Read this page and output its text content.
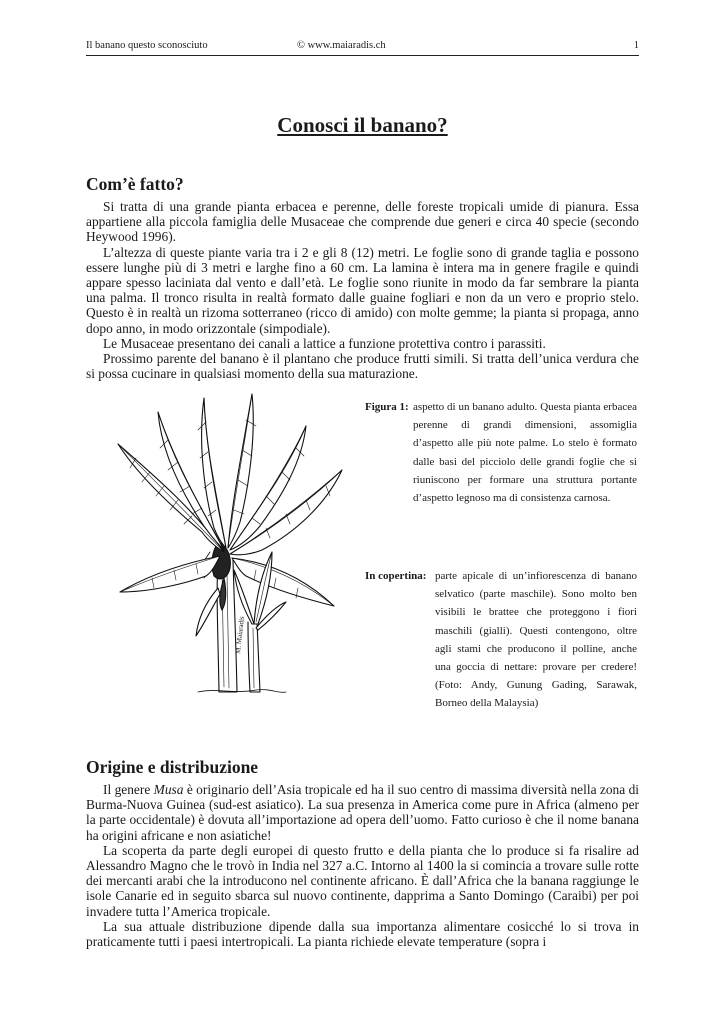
Il banano questo sconosciuto	© www.maiaradis.ch	1
Conosci il banano?
Com’è fatto?

Si tratta di una grande pianta erbacea e perenne, delle foreste tropicali umide di pianura. Essa appartiene alla piccola famiglia delle Musaceae che comprende due generi e circa 40 specie (secondo Heywood 1996).

L’altezza di queste piante varia tra i 2 e gli 8 (12) metri. Le foglie sono di grande taglia e possono essere lunghe più di 3 metri e larghe fino a 60 cm. La lamina è intera ma in genere fragile e quindi appare spesso laciniata dal vento e dall’età. Le foglie sono riunite in modo da far sembrare la pianta una palma. Il tronco risulta in realtà formato dalle guaine fogliari e non da un vero e proprio stelo. Questo è in realtà un rizoma sotterraneo (ricco di amido) con molte gemme; la pianta si propaga, anno dopo anno, in modo orizzontale (simpodiale).

Le Musaceae presentano dei canali a lattice a funzione protettiva contro i parassiti.

Prossimo parente del banano è il plantano che produce frutti simili. Si tratta dell’unica verdura che si possa cucinare in qualsiasi momento della sua maturazione.

M. Maiaradis
Figura 1: aspetto di un banano adulto. Questa pianta erbacea perenne di grandi dimensioni, assomiglia d’aspetto alle più note palme. Lo stelo è formato dalle basi del picciolo delle grandi foglie che si riuniscono per formare una struttura portante d’aspetto legnoso ma di consistenza carnosa.
In copertina: parte apicale di un’infiorescenza di banano selvatico (parte maschile). Sono molto ben visibili le brattee che proteggono i fiori maschili (gialli). Questi contengono, oltre agli stami che producono il polline, anche una goccia di nettare: provare per credere! (Foto: Andy, Gunung Gading, Sarawak, Borneo della Malaysia)
Origine e distribuzione

Il genere Musa è originario dell’Asia tropicale ed ha il suo centro di massima diversità nella zona di Burma-Nuova Guinea (sud-est asiatico). La sua presenza in America come pure in Africa (almeno per la parte occidentale) è dovuta all’importazione ad opera dell’uomo. Fatto curioso è che il nome banana ha origini africane e non asiatiche!

La scoperta da parte degli europei di questo frutto e della pianta che lo produce si fa risalire ad Alessandro Magno che le trovò in India nel 327 a.C. Intorno al 1400 la si comincia a trovare sulle rotte dei mercanti arabi che la introducono nel continente africano. È dall’Africa che la banana raggiunge le isole Canarie ed in seguito sbarca sul nuovo continente, dapprima a Santo Domingo (Caraibi) per poi invadere tutta l’America tropicale.

La sua attuale distribuzione dipende dalla sua importanza alimentare cosicché lo si trova in praticamente tutti i paesi intertropicali. La pianta richiede elevate temperature (sopra i
